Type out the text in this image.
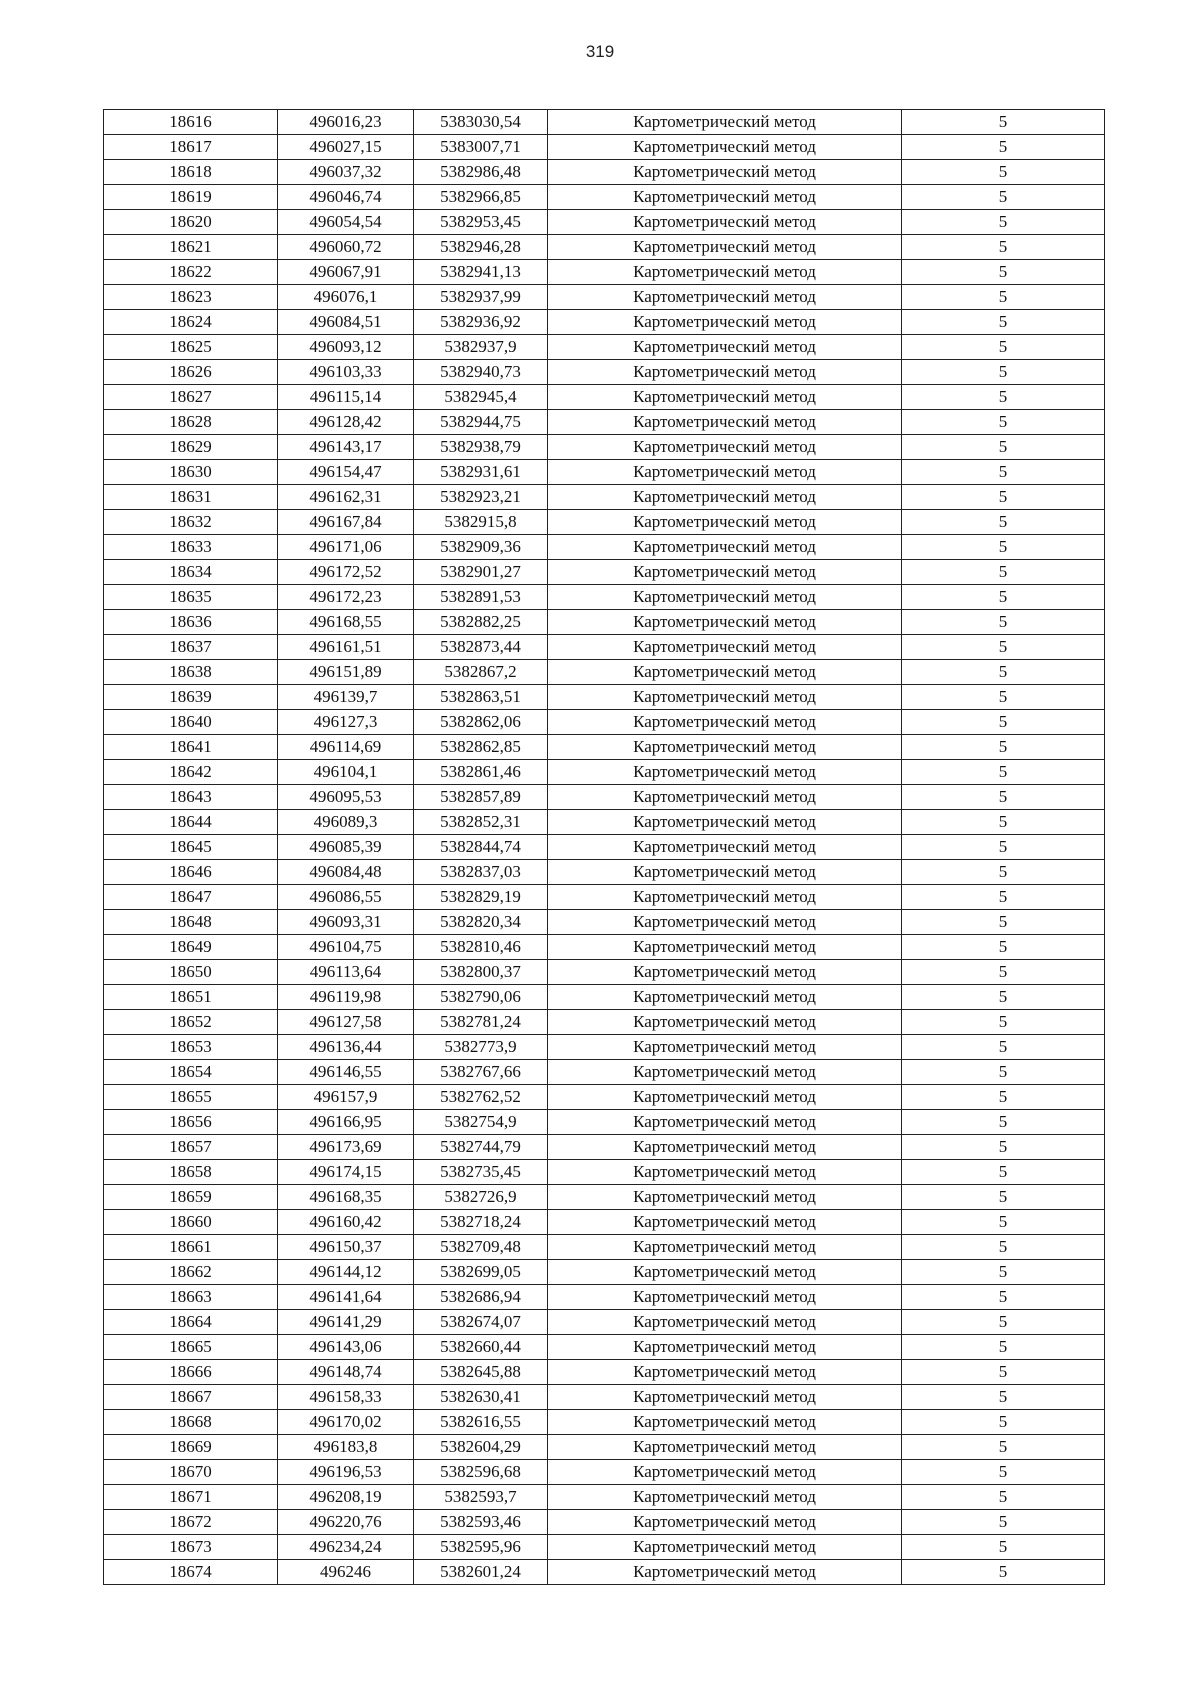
319
18616	496016,23	5383030,54	Картометрический метод	5
18617	496027,15	5383007,71	Картометрический метод	5
18618	496037,32	5382986,48	Картометрический метод	5
18619	496046,74	5382966,85	Картометрический метод	5
18620	496054,54	5382953,45	Картометрический метод	5
18621	496060,72	5382946,28	Картометрический метод	5
18622	496067,91	5382941,13	Картометрический метод	5
18623	496076,1	5382937,99	Картометрический метод	5
18624	496084,51	5382936,92	Картометрический метод	5
18625	496093,12	5382937,9	Картометрический метод	5
18626	496103,33	5382940,73	Картометрический метод	5
18627	496115,14	5382945,4	Картометрический метод	5
18628	496128,42	5382944,75	Картометрический метод	5
18629	496143,17	5382938,79	Картометрический метод	5
18630	496154,47	5382931,61	Картометрический метод	5
18631	496162,31	5382923,21	Картометрический метод	5
18632	496167,84	5382915,8	Картометрический метод	5
18633	496171,06	5382909,36	Картометрический метод	5
18634	496172,52	5382901,27	Картометрический метод	5
18635	496172,23	5382891,53	Картометрический метод	5
18636	496168,55	5382882,25	Картометрический метод	5
18637	496161,51	5382873,44	Картометрический метод	5
18638	496151,89	5382867,2	Картометрический метод	5
18639	496139,7	5382863,51	Картометрический метод	5
18640	496127,3	5382862,06	Картометрический метод	5
18641	496114,69	5382862,85	Картометрический метод	5
18642	496104,1	5382861,46	Картометрический метод	5
18643	496095,53	5382857,89	Картометрический метод	5
18644	496089,3	5382852,31	Картометрический метод	5
18645	496085,39	5382844,74	Картометрический метод	5
18646	496084,48	5382837,03	Картометрический метод	5
18647	496086,55	5382829,19	Картометрический метод	5
18648	496093,31	5382820,34	Картометрический метод	5
18649	496104,75	5382810,46	Картометрический метод	5
18650	496113,64	5382800,37	Картометрический метод	5
18651	496119,98	5382790,06	Картометрический метод	5
18652	496127,58	5382781,24	Картометрический метод	5
18653	496136,44	5382773,9	Картометрический метод	5
18654	496146,55	5382767,66	Картометрический метод	5
18655	496157,9	5382762,52	Картометрический метод	5
18656	496166,95	5382754,9	Картометрический метод	5
18657	496173,69	5382744,79	Картометрический метод	5
18658	496174,15	5382735,45	Картометрический метод	5
18659	496168,35	5382726,9	Картометрический метод	5
18660	496160,42	5382718,24	Картометрический метод	5
18661	496150,37	5382709,48	Картометрический метод	5
18662	496144,12	5382699,05	Картометрический метод	5
18663	496141,64	5382686,94	Картометрический метод	5
18664	496141,29	5382674,07	Картометрический метод	5
18665	496143,06	5382660,44	Картометрический метод	5
18666	496148,74	5382645,88	Картометрический метод	5
18667	496158,33	5382630,41	Картометрический метод	5
18668	496170,02	5382616,55	Картометрический метод	5
18669	496183,8	5382604,29	Картометрический метод	5
18670	496196,53	5382596,68	Картометрический метод	5
18671	496208,19	5382593,7	Картометрический метод	5
18672	496220,76	5382593,46	Картометрический метод	5
18673	496234,24	5382595,96	Картометрический метод	5
18674	496246	5382601,24	Картометрический метод	5
